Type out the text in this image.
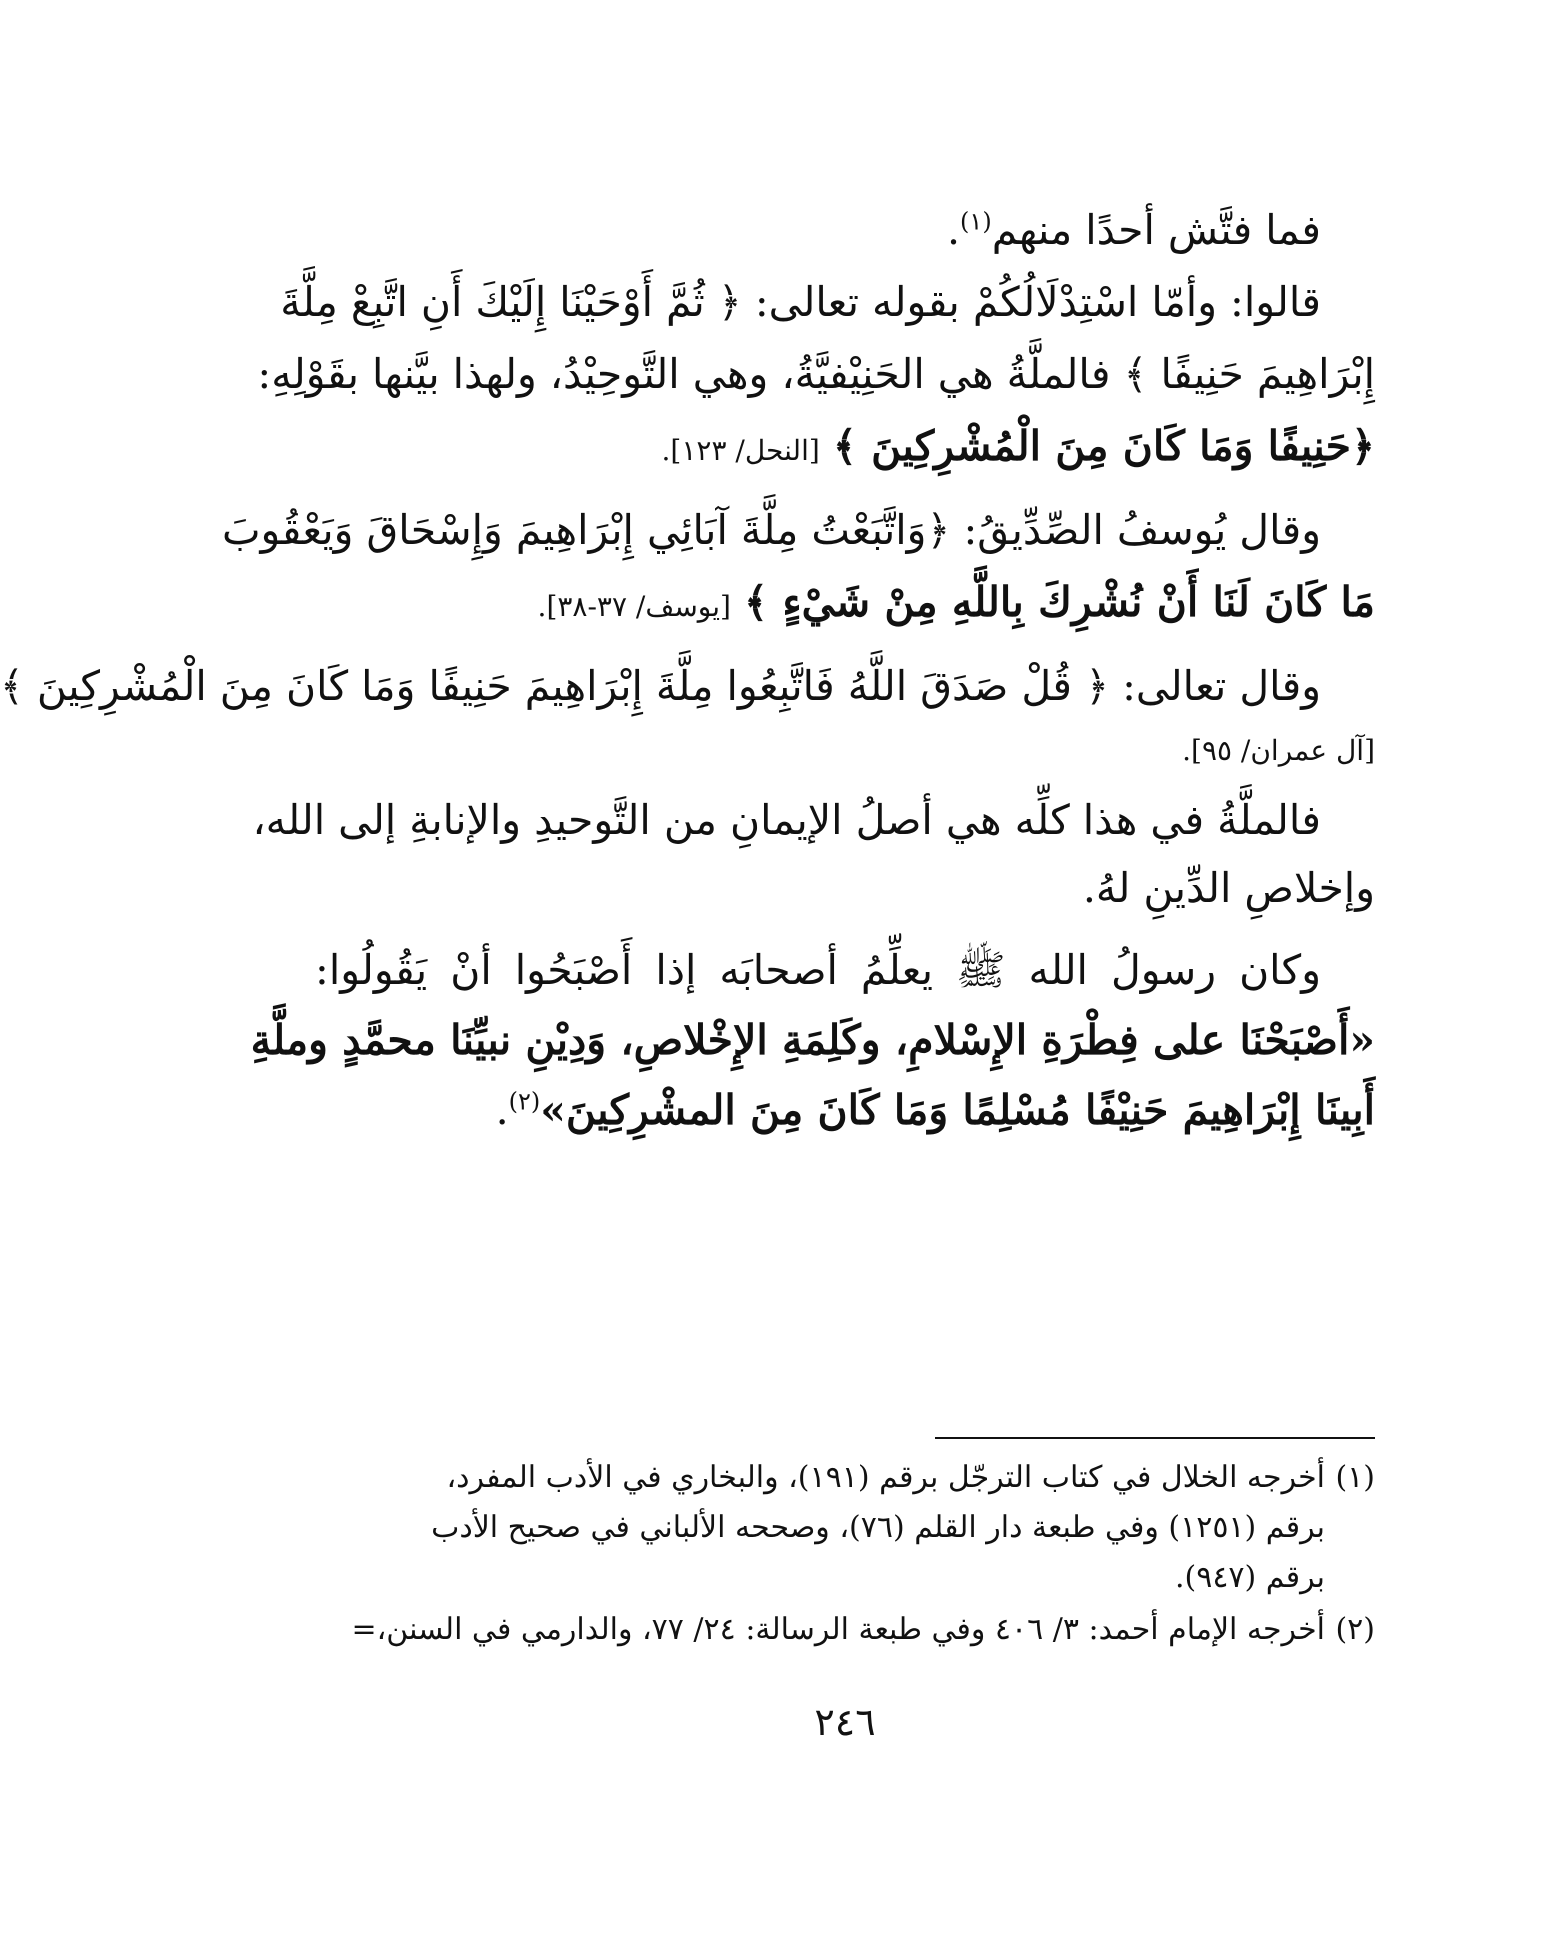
فما فتَّش أحدًا منهم$^{(١)}$.
قالوا: وأمّا اسْتِدْلَالُكُمْ بقوله تعالى: ﴿ ثُمَّ أَوْحَيْنَا إِلَيْكَ أَنِ اتَّبِعْ مِلَّةَ
إِبْرَاهِيمَ حَنِيفًا ﴾ فالملَّةُ هي الحَنِيْفيَّةُ، وهي التَّوحِيْدُ، ولهذا بيَّنها بقَوْلِهِ:
﴿حَنِيفًا وَمَا كَانَ مِنَ الْمُشْرِكِينَ ﴾ [النحل/ ١٢٣].
وقال يُوسفُ الصِّدِّيقُ: ﴿وَاتَّبَعْتُ مِلَّةَ آبَائِي إِبْرَاهِيمَ وَإِسْحَاقَ وَيَعْقُوبَ
مَا كَانَ لَنَا أَنْ نُشْرِكَ بِاللَّهِ مِنْ شَيْءٍ ﴾ [يوسف/ ٣٧-٣٨].
وقال تعالى: ﴿ قُلْ صَدَقَ اللَّهُ فَاتَّبِعُوا مِلَّةَ إِبْرَاهِيمَ حَنِيفًا وَمَا كَانَ مِنَ الْمُشْرِكِينَ ﴾
[آل عمران/ ٩٥].
فالملَّةُ في هذا كلِّه هي أصلُ الإيمانِ من التَّوحيدِ والإنابةِ إلى الله،
وإخلاصِ الدِّينِ لهُ.
وكان رسولُ الله ﷺ يعلِّمُ أصحابَه إذا أَصْبَحُوا أنْ يَقُولُوا:
«أَصْبَحْنَا على فِطْرَةِ الإِسْلامِ، وكَلِمَةِ الإِخْلاصِ، وَدِيْنِ نبيِّنَا محمَّدٍ وملَّةِ
أَبِينَا إِبْرَاهِيمَ حَنِيْفًا مُسْلِمًا وَمَا كَانَ مِنَ المشْرِكِينَ»$^{(٢)}$.
(١)أخرجه الخلال في كتاب الترجّل برقم (١٩١)، والبخاري في الأدب المفرد،
برقم (١٢٥١) وفي طبعة دار القلم (٧٦)، وصححه الألباني في صحيح الأدب
برقم (٩٤٧).
(٢)أخرجه الإمام أحمد: ٣/ ٤٠٦ وفي طبعة الرسالة: ٢٤/ ٧٧، والدارمي في السنن،=
٢٤٦
